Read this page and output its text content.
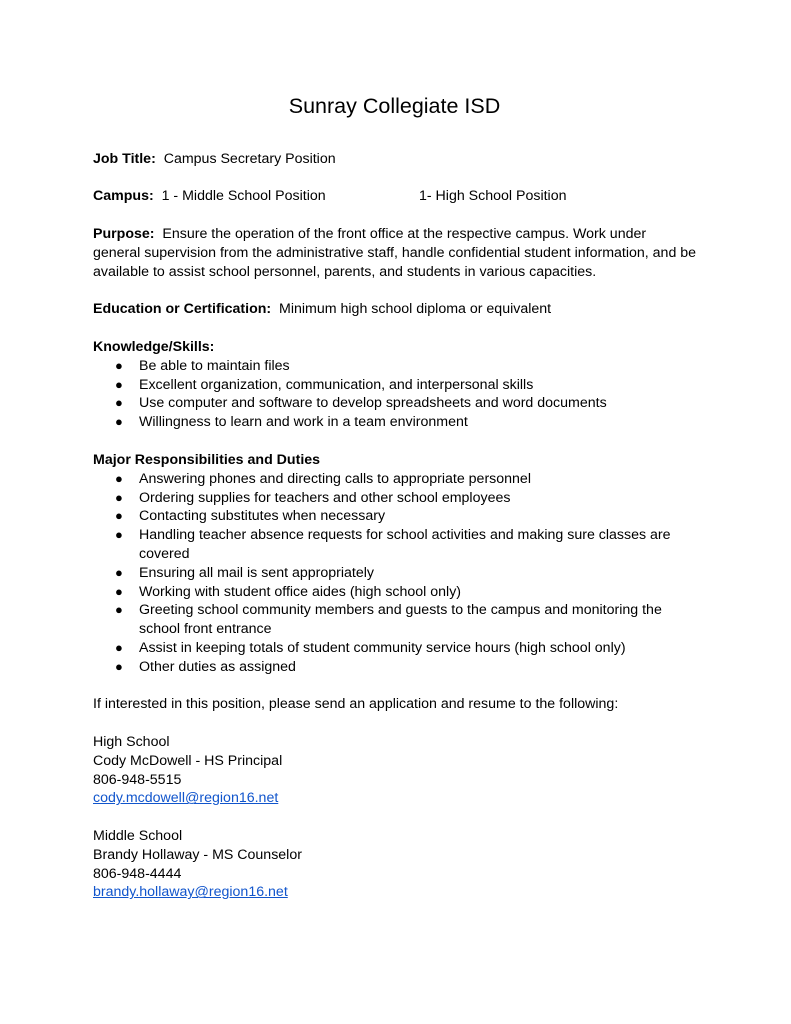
Sunray Collegiate ISD

Job Title: Campus Secretary Position

Campus: 1 - Middle School Position	1- High School Position

Purpose: Ensure the operation of the front office at the respective campus. Work under
general supervision from the administrative staff, handle confidential student information, and be
available to assist school personnel, parents, and students in various capacities.

Education or Certification: Minimum high school diploma or equivalent

Knowledge/Skills:
● Be able to maintain files
● Excellent organization, communication, and interpersonal skills
● Use computer and software to develop spreadsheets and word documents
● Willingness to learn and work in a team environment
Major Responsibilities and Duties
● Answering phones and directing calls to appropriate personnel
● Ordering supplies for teachers and other school employees
● Contacting substitutes when necessary
● Handling teacher absence requests for school activities and making sure classes are
covered
● Ensuring all mail is sent appropriately
● Working with student office aides (high school only)
● Greeting school community members and guests to the campus and monitoring the
school front entrance
● Assist in keeping totals of student community service hours (high school only)
● Other duties as assigned

If interested in this position, please send an application and resume to the following:

High School
Cody McDowell - HS Principal
806-948-5515
cody.mcdowell@region16.net
Middle School
Brandy Hollaway - MS Counselor
806-948-4444
brandy.hollaway@region16.net
